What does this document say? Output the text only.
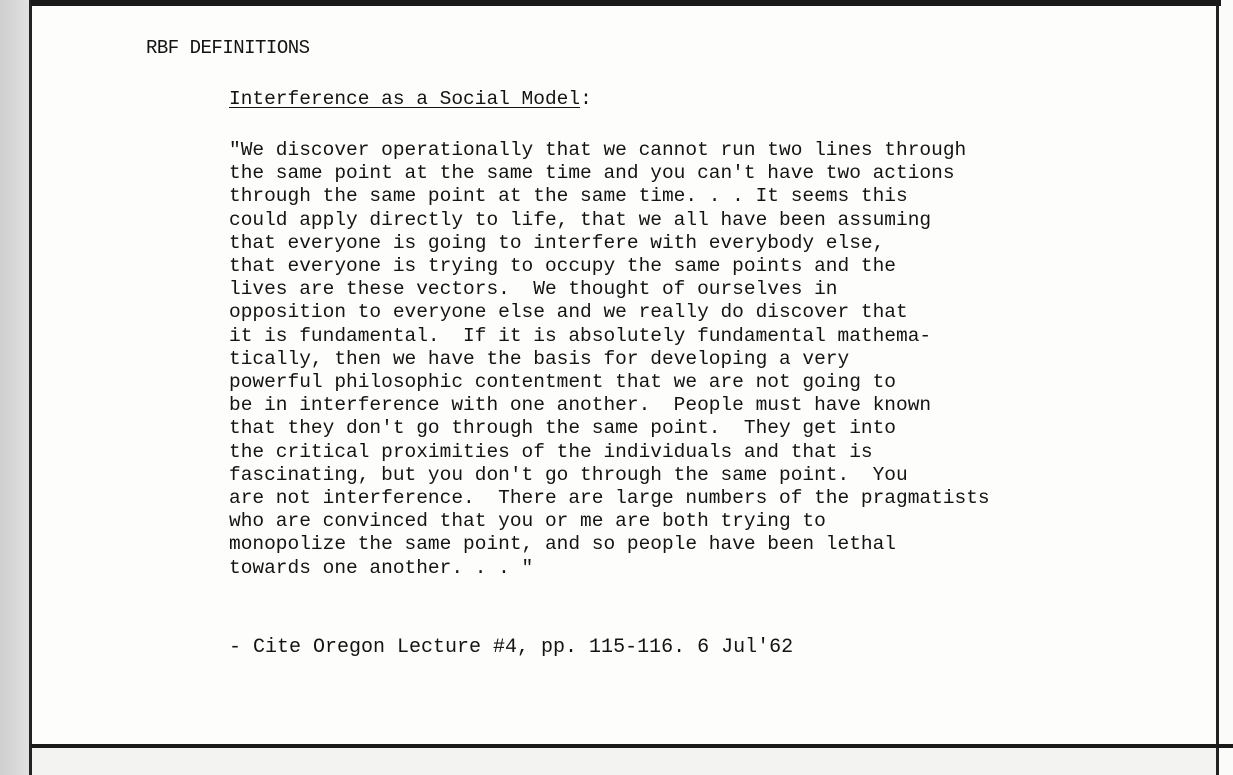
RBF DEFINITIONS
Interference as a Social Model:
"We discover operationally that we cannot run two lines through
the same point at the same time and you can't have two actions
through the same point at the same time. . . It seems this
could apply directly to life, that we all have been assuming
that everyone is going to interfere with everybody else,
that everyone is trying to occupy the same points and the
lives are these vectors.  We thought of ourselves in
opposition to everyone else and we really do discover that
it is fundamental.  If it is absolutely fundamental mathema-
tically, then we have the basis for developing a very
powerful philosophic contentment that we are not going to
be in interference with one another.  People must have known
that they don't go through the same point.  They get into
the critical proximities of the individuals and that is
fascinating, but you don't go through the same point.  You
are not interference.  There are large numbers of the pragmatists
who are convinced that you or me are both trying to
monopolize the same point, and so people have been lethal
towards one another. . . "
- Cite Oregon Lecture #4, pp. 115-116. 6 Jul'62
